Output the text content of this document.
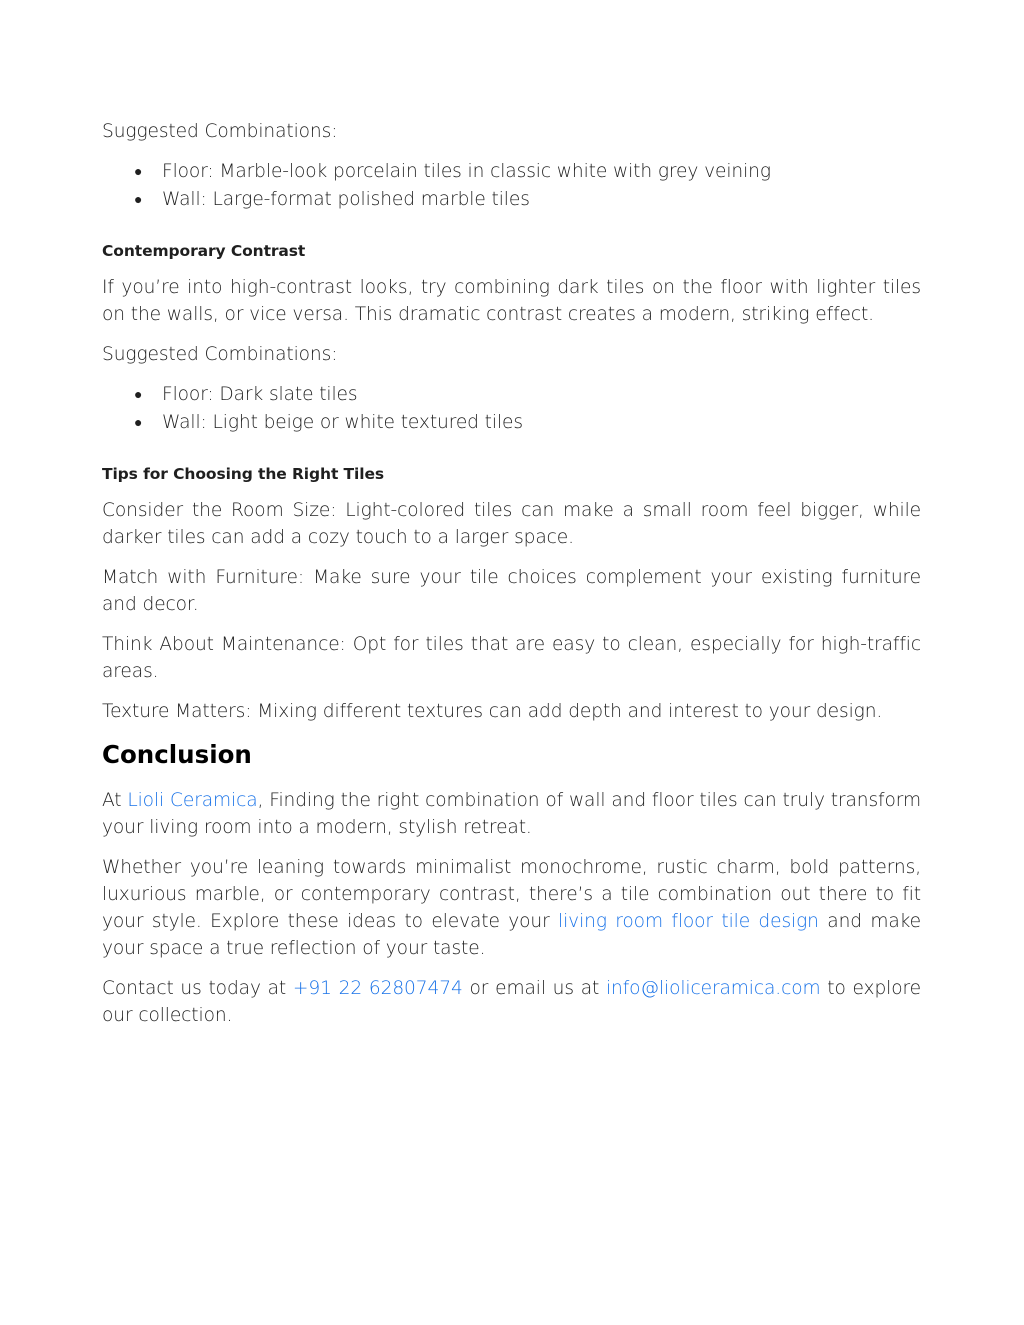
Suggested Combinations:

● Floor: Marble-look porcelain tiles in classic white with grey veining
● Wall: Large-format polished marble tiles
Contemporary Contrast

If you’re into high-contrast looks, try combining dark tiles on the floor with lighter tiles on the walls, or vice versa. This dramatic contrast creates a modern, striking effect.

Suggested Combinations:

● Floor: Dark slate tiles
● Wall: Light beige or white textured tiles
Tips for Choosing the Right Tiles

Consider the Room Size: Light-colored tiles can make a small room feel bigger, while darker tiles can add a cozy touch to a larger space.

Match with Furniture: Make sure your tile choices complement your existing furniture and decor.

Think About Maintenance: Opt for tiles that are easy to clean, especially for high-traffic areas.

Texture Matters: Mixing different textures can add depth and interest to your design.

Conclusion

At Lioli Ceramica, Finding the right combination of wall and floor tiles can truly transform your living room into a modern, stylish retreat.

Whether you’re leaning towards minimalist monochrome, rustic charm, bold patterns, luxurious marble, or contemporary contrast, there’s a tile combination out there to fit your style. Explore these ideas to elevate your living room floor tile design and make your space a true reflection of your taste.

Contact us today at +91 22 62807474 or email us at info@lioliceramica.com to explore our collection.
